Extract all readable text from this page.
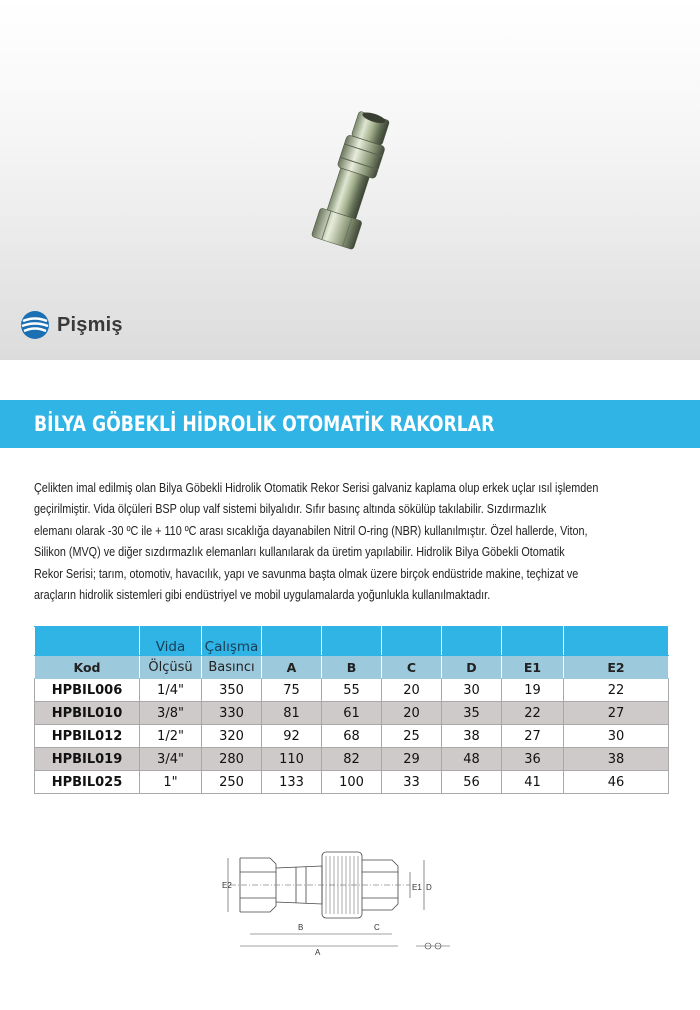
Pişmiş
BİLYA GÖBEKLİ HİDROLİK OTOMATİK RAKORLAR

Çelikten imal edilmiş olan Bilya Göbekli Hidrolik Otomatik Rekor Serisi galvaniz kaplama olup erkek uçlar ısıl işlemden

geçirilmiştir. Vida ölçüleri BSP olup valf sistemi bilyalıdır. Sıfır basınç altında sökülüp takılabilir. Sızdırmazlık

elemanı olarak -30 ºC ile + 110 ºC arası sıcaklığa dayanabilen Nitril O-ring (NBR) kullanılmıştır. Özel hallerde, Viton,

Silikon (MVQ) ve diğer sızdırmazlık elemanları kullanılarak da üretim yapılabilir. Hidrolik Bilya Göbekli Otomatik

Rekor Serisi; tarım, otomotiv, havacılık, yapı ve savunma başta olmak üzere birçok endüstride makine, teçhizat ve

araçların hidrolik sistemleri gibi endüstriyel ve mobil uygulamalarda yoğunlukla kullanılmaktadır.

	Vida	Çalışma						
Kod	Ölçüsü	Basıncı	A	B	C	D	E1	E2
HPBIL006	1/4"	350	75	55	20	30	19	22
HPBIL010	3/8"	330	81	61	20	35	22	27
HPBIL012	1/2"	320	92	68	25	38	27	30
HPBIL019	3/4"	280	110	82	29	48	36	38
HPBIL025	1"	250	133	100	33	56	41	46
E2
B	C
A
E1 D
